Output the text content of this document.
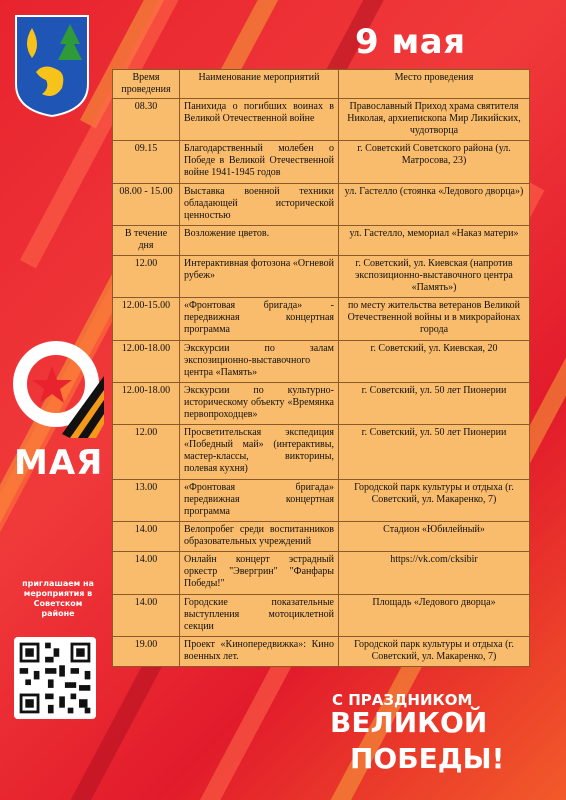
9 мая
Время проведения	Наименование мероприятий	Место проведения
08.30	Панихида о погибших воинах в Великой Отечественной войне	Православный Приход храма святителя Николая, архиепископа Мир Ликийских, чудотворца
09.15	Благодарственный молебен о Победе в Великой Отечественной войне 1941-1945 годов	г. Советский Советского района (ул. Матросова, 23)
08.00 - 15.00	Выставка военной техники обладающей исторической ценностью	ул. Гастелло (стоянка «Ледового дворца»)
В течение дня	Возложение цветов.	ул. Гастелло, мемориал «Наказ матери»
12.00	Интерактивная фотозона «Огневой рубеж»	г. Советский, ул. Киевская (напротив экспозиционно-выставочного центра «Память»)
12.00-15.00	«Фронтовая бригада» - передвижная концертная программа	по месту жительства ветеранов Великой Отечественной войны и в микрорайонах города
12.00-18.00	Экскурсии по залам экспозиционно-выставочного центра «Память»	г. Советский, ул. Киевская, 20
12.00-18.00	Экскурсии по культурно-историческому объекту «Времянка первопроходцев»	г. Советский, ул. 50 лет Пионерии
12.00	Просветительская экспедиция «Победный май» (интерактивы, мастер-классы, викторины, полевая кухня)	г. Советский, ул. 50 лет Пионерии
13.00	«Фронтовая бригада» передвижная концертная программа	Городской парк культуры и отдыха (г. Советский, ул. Макаренко, 7)
14.00	Велопробег среди воспитанников образовательных учреждений	Стадион «Юбилейный»
14.00	Онлайн концерт эстрадный оркестр "Эвергрин" "Фанфары Победы!"	https://vk.com/cksibir
14.00	Городские показательные выступления мотоциклетной секции	Площадь «Ледового дворца»
19.00	Проект «Кинопередвижка»: Кино военных лет.	Городской парк культуры и отдыха (г. Советский, ул. Макаренко, 7)
МАЯ
приглашаем на мероприятия в Советском районе
С ПРАЗДНИКОМ
ВЕЛИКОЙ
ПОБЕДЫ!
